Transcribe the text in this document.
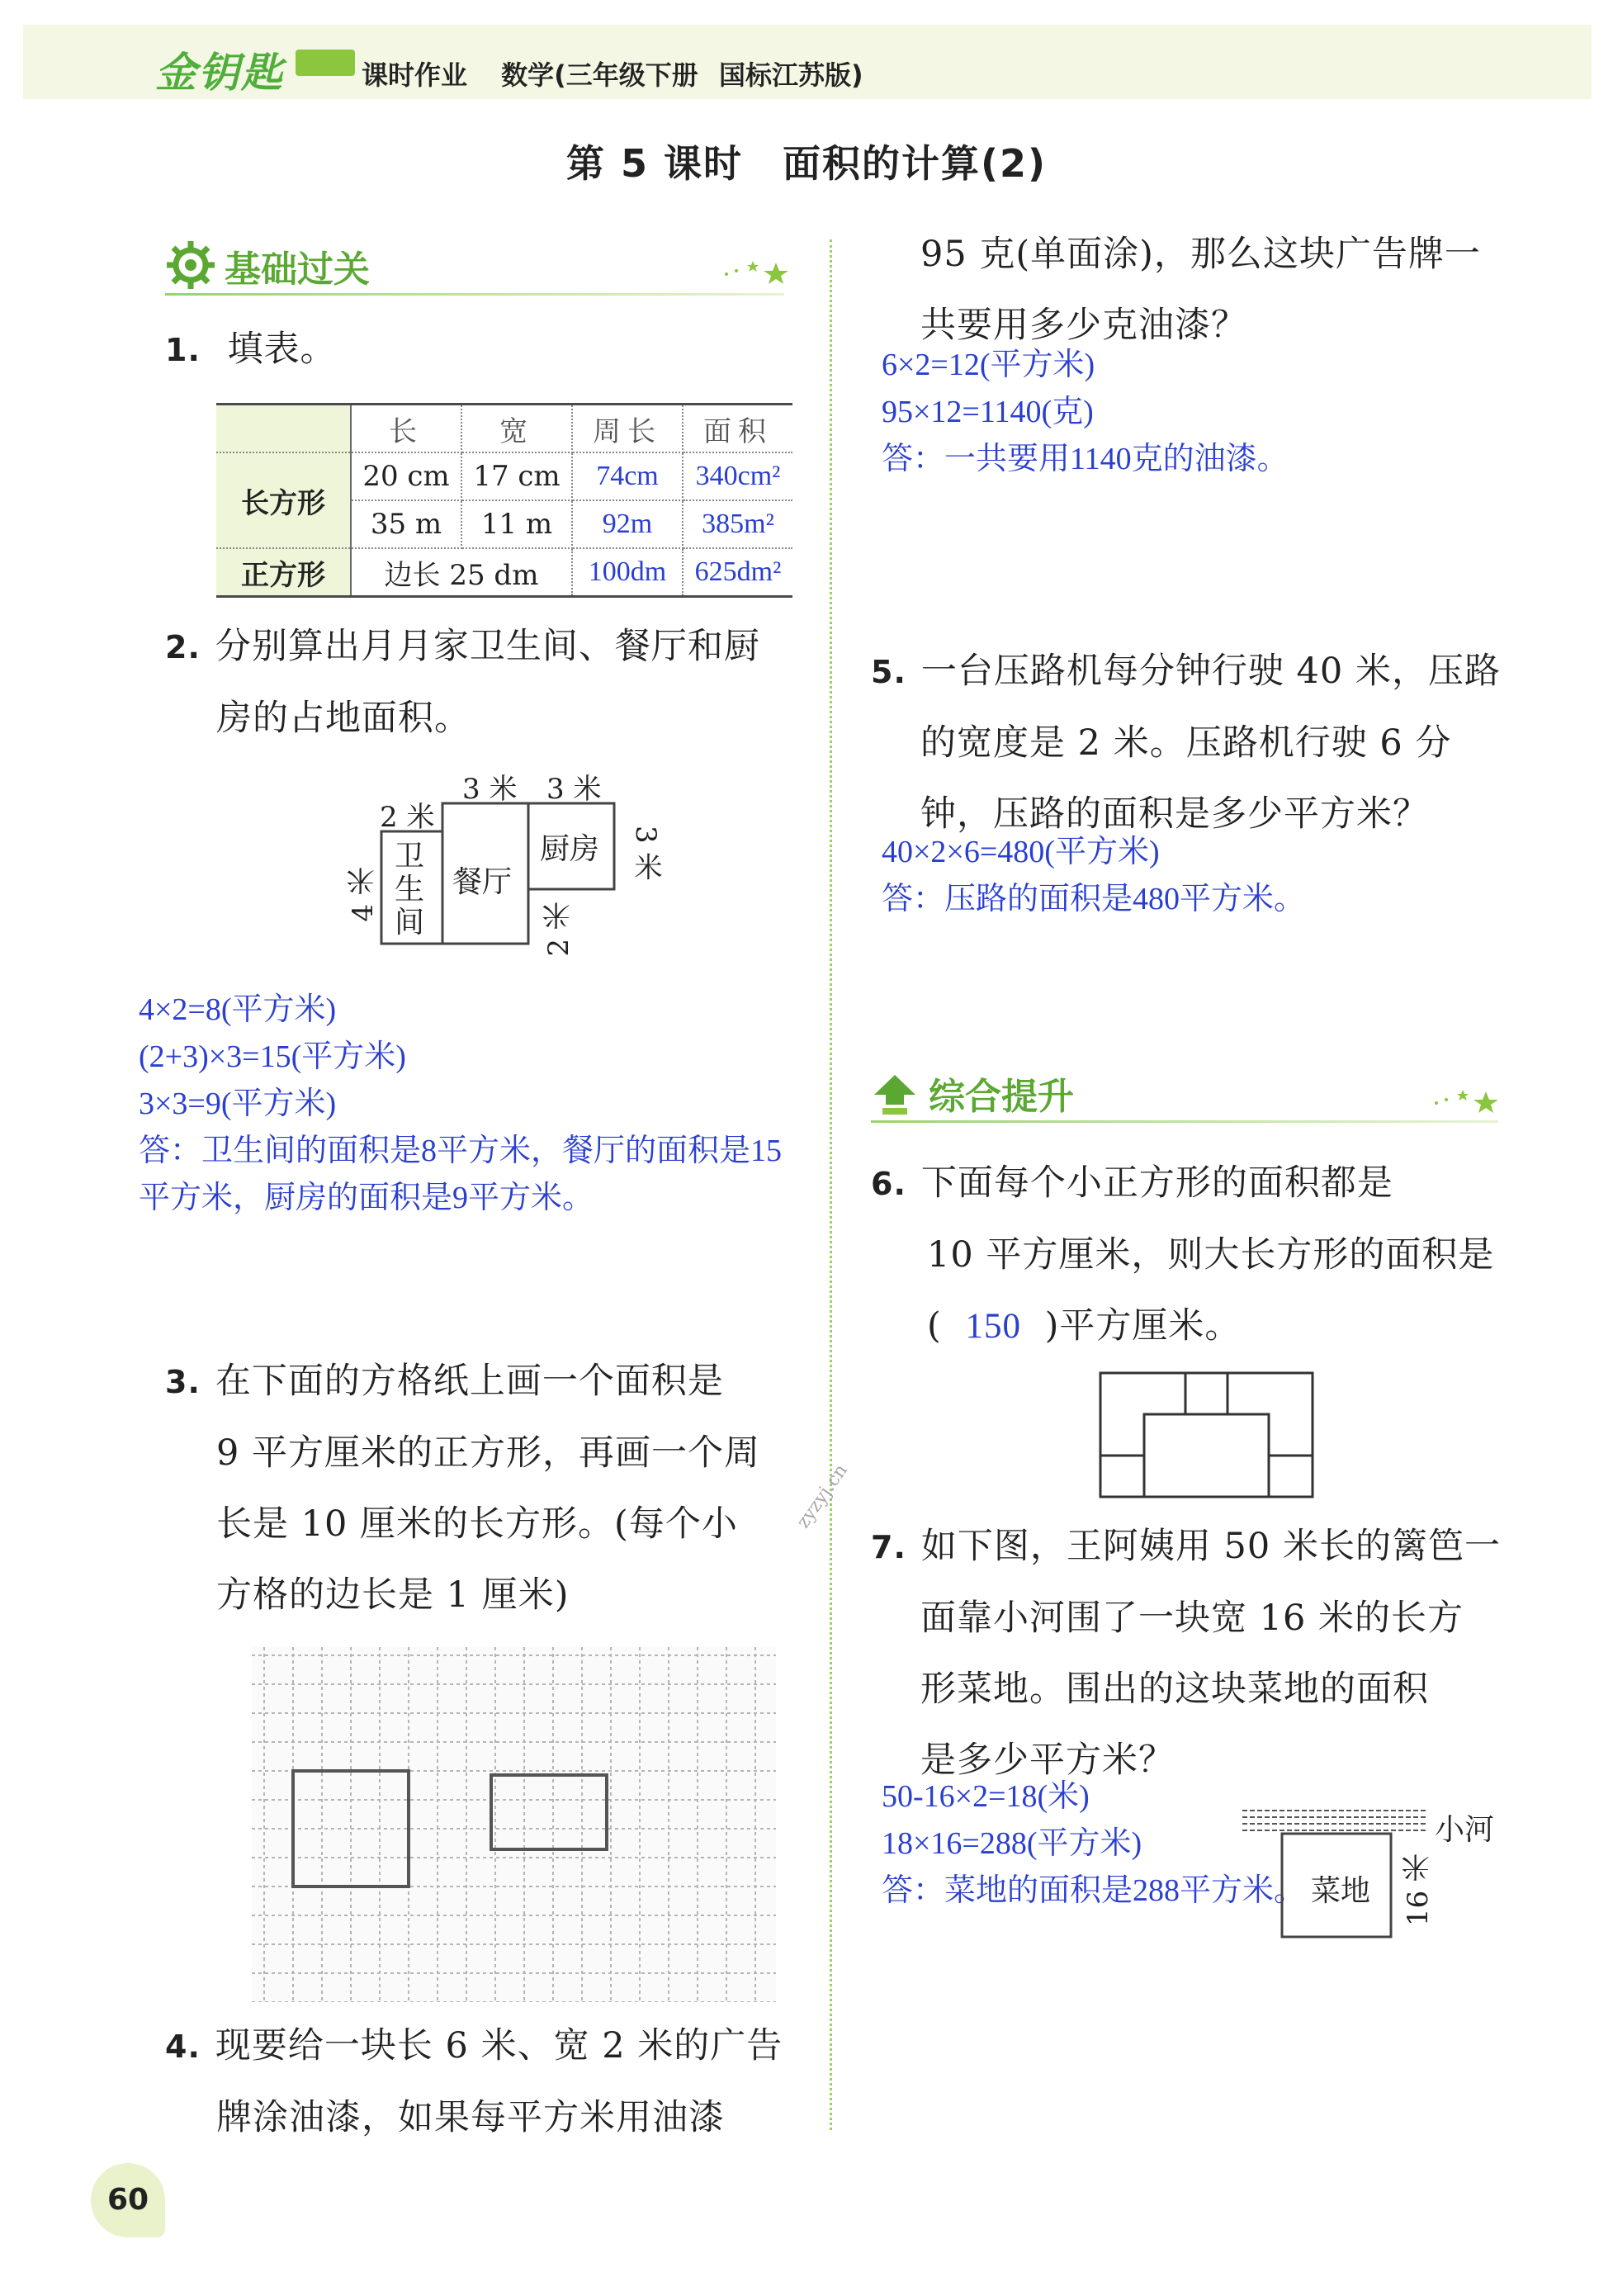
金钥匙	课时作业 数学(三年级下册 国标江苏版)
第 5 课时　面积的计算(2)
基础过关
1. 填表。
	长	宽	周长	面积
长方形	20 cm	17 cm	74cm	340cm²
	35 m	11 m	92m	385m²
正方形	边长 25 dm		100dm	625dm²
2. 分别算出月月家卫生间、餐厅和厨
房的占地面积。
3 米 3 米
2 米
3 米
4 米
2 米
卫生间
餐厅
厨房
4×2=8(平方米)
(2+3)×3=15(平方米)
3×3=9(平方米)
答：卫生间的面积是8平方米，餐厅的面积是15
平方米，厨房的面积是9平方米。
3. 在下面的方格纸上画一个面积是
9 平方厘米的正方形，再画一个周
长是 10 厘米的长方形。(每个小
方格的边长是 1 厘米)
4. 现要给一块长 6 米、宽 2 米的广告
牌涂油漆，如果每平方米用油漆
60
95 克(单面涂)，那么这块广告牌一
共要用多少克油漆？
6×2=12(平方米)
95×12=1140(克)
答：一共要用1140克的油漆。
5. 一台压路机每分钟行驶 40 米，压路
的宽度是 2 米。压路机行驶 6 分
钟，压路的面积是多少平方米？
40×2×6=480(平方米)
答：压路的面积是480平方米。
综合提升
6. 下面每个小正方形的面积都是
10 平方厘米，则大长方形的面积是
( 150 )平方厘米。
7. 如下图，王阿姨用 50 米长的篱笆一
面靠小河围了一块宽 16 米的长方
形菜地。围出的这块菜地的面积
是多少平方米？
50-16×2=18(米)
18×16=288(平方米)
答：菜地的面积是288平方米。
小河
菜地 16 米
zyzyj.cn
